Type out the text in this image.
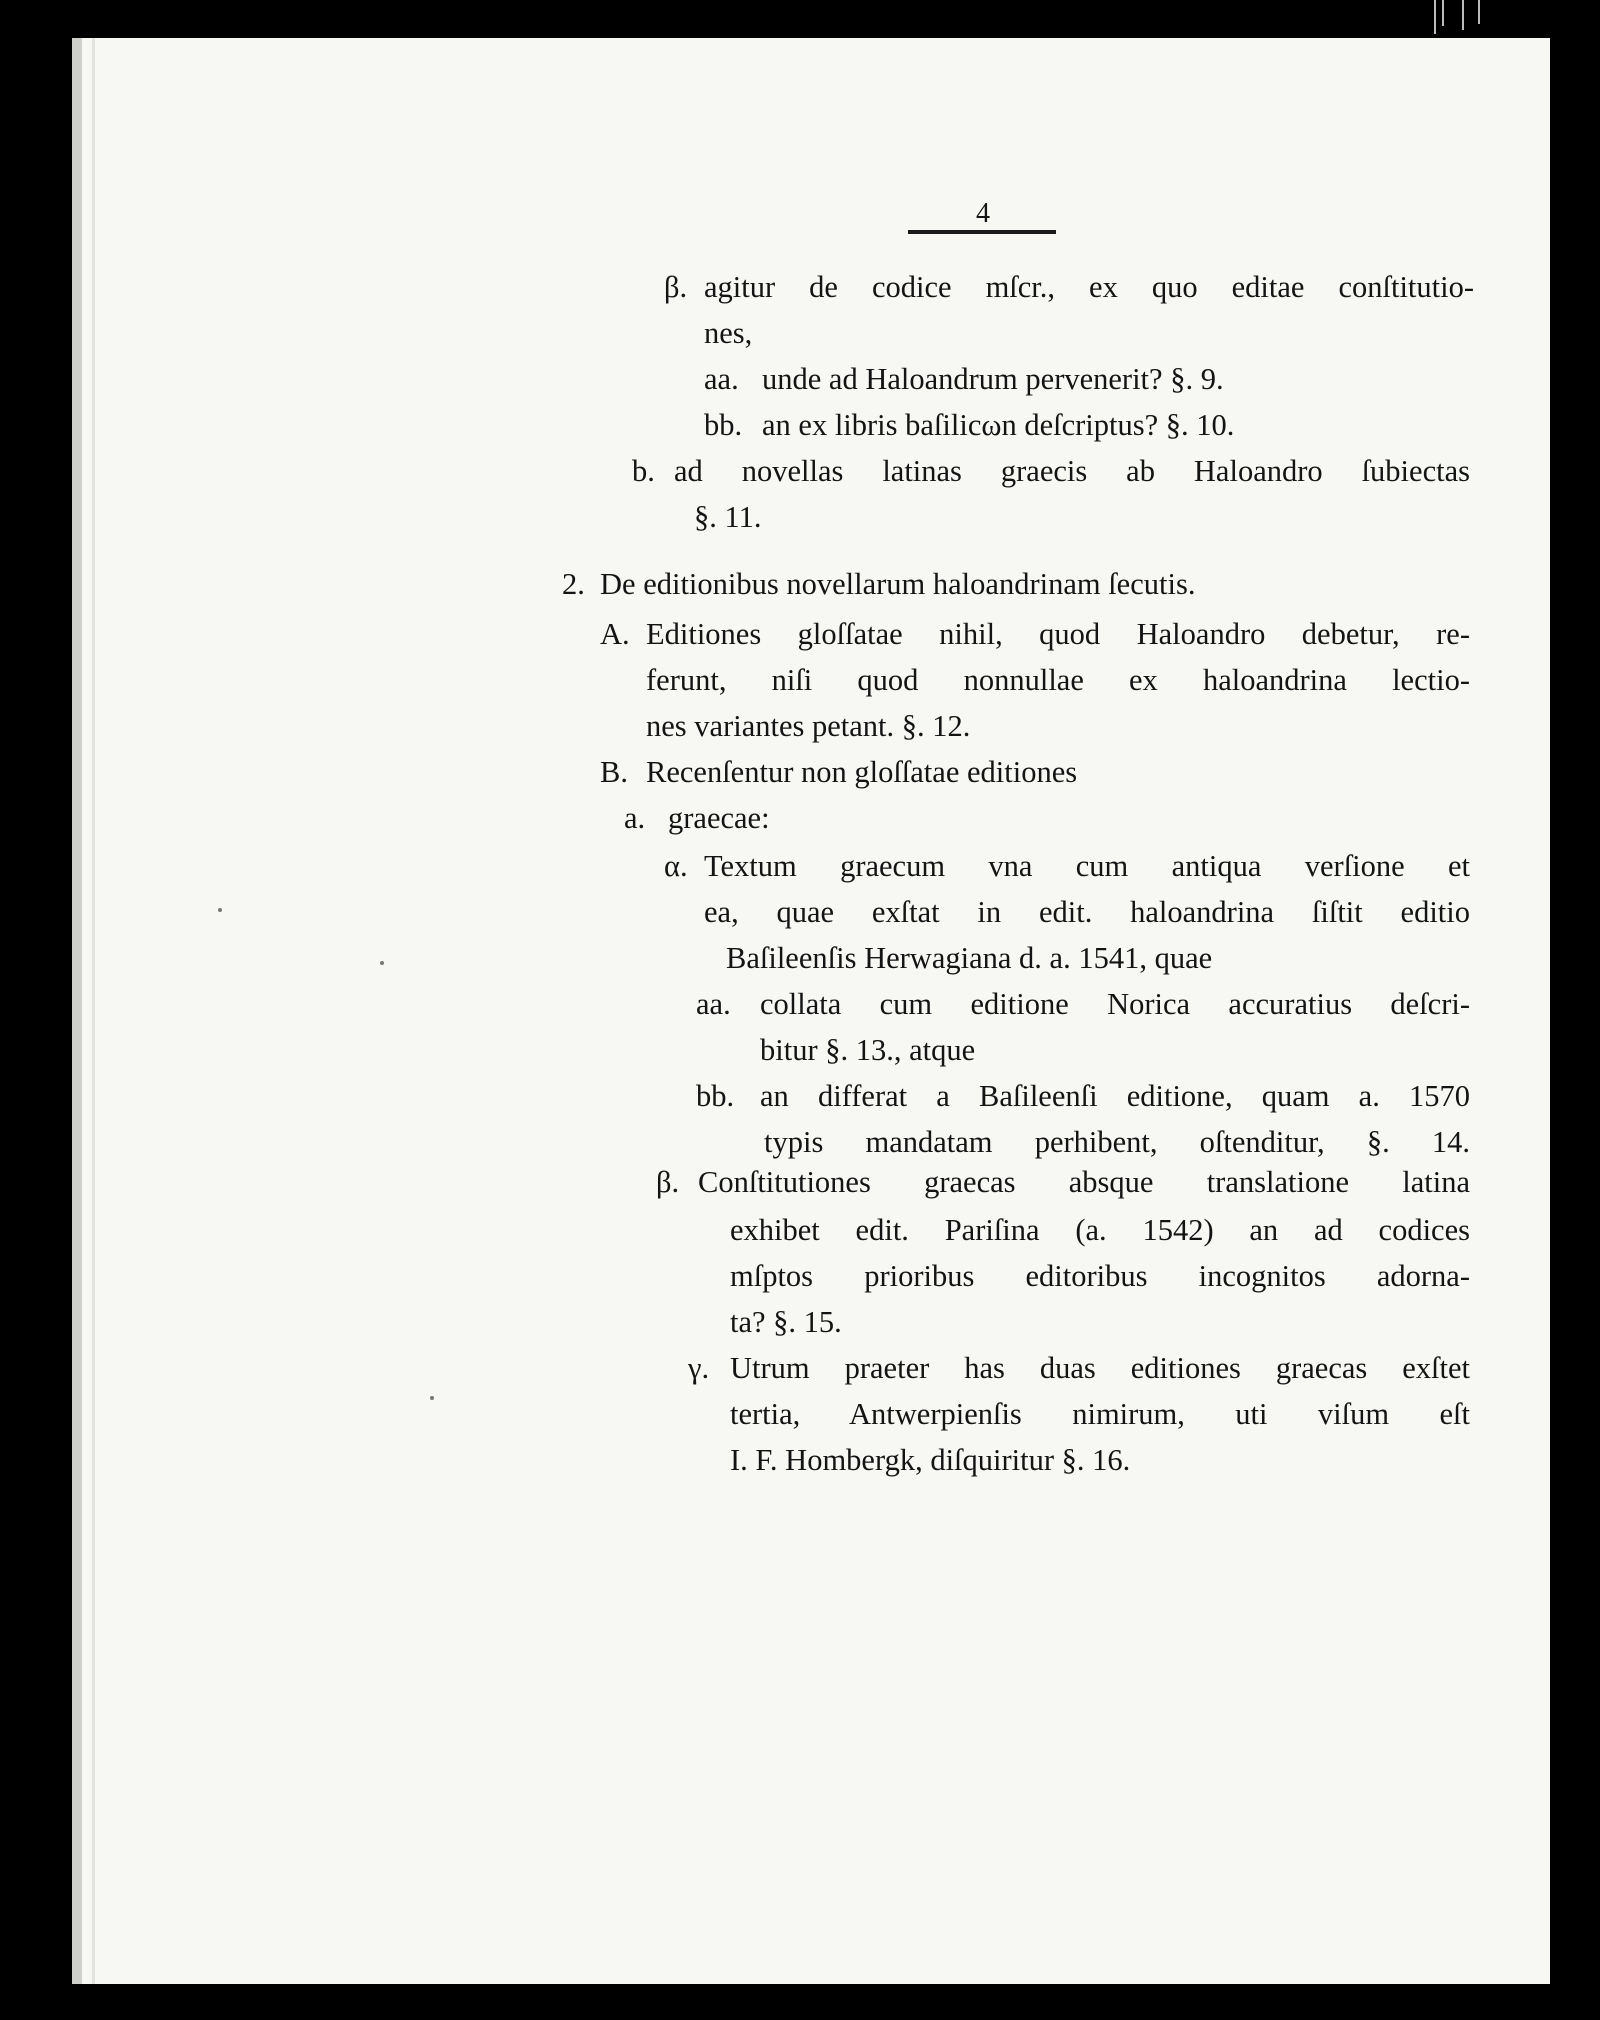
4
β. agitur de codice mſcr., ex quo editae conſtitutio-
nes,
aa. unde ad Haloandrum pervenerit? §. 9.
bb. an ex libris baſilicωn deſcriptus? §. 10.
b. ad novellas latinas graecis ab Haloandro ſubiectas
§. 11.
2. De editionibus novellarum haloandrinam ſecutis.
A. Editiones gloſſatae nihil, quod Haloandro debetur, re-
ferunt, niſi quod nonnullae ex haloandrina lectio-
nes variantes petant. §. 12.
B. Recenſentur non gloſſatae editiones
a. graecae:
α. Textum graecum vna cum antiqua verſione et
ea, quae exſtat in edit. haloandrina ſiſtit editio
Baſileenſis Herwagiana d. a. 1541, quae
aa. collata cum editione Norica accuratius deſcri-
bitur §. 13., atque
bb. an differat a Baſileenſi editione, quam a. 1570
typis mandatam perhibent, oſtenditur, §. 14.
β. Conſtitutiones graecas absque translatione latina
exhibet edit. Pariſina (a. 1542) an ad codices
mſptos prioribus editoribus incognitos adorna-
ta? §. 15.
γ. Utrum praeter has duas editiones graecas exſtet
tertia, Antwerpienſis nimirum, uti viſum eſt
I. F. Hombergk, diſquiritur §. 16.
